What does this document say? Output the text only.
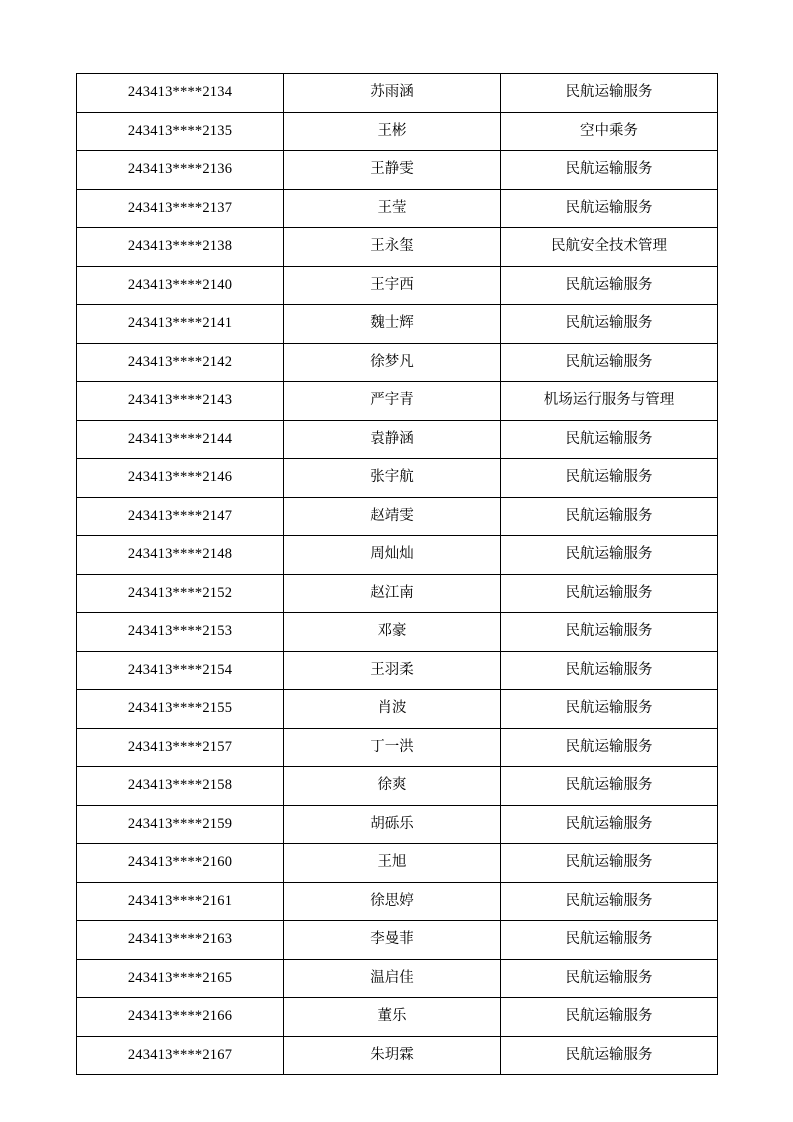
243413****2134	苏雨涵	民航运输服务
243413****2135	王彬	空中乘务
243413****2136	王静雯	民航运输服务
243413****2137	王莹	民航运输服务
243413****2138	王永玺	民航安全技术管理
243413****2140	王宇西	民航运输服务
243413****2141	魏士辉	民航运输服务
243413****2142	徐梦凡	民航运输服务
243413****2143	严宇青	机场运行服务与管理
243413****2144	袁静涵	民航运输服务
243413****2146	张宇航	民航运输服务
243413****2147	赵靖雯	民航运输服务
243413****2148	周灿灿	民航运输服务
243413****2152	赵江南	民航运输服务
243413****2153	邓豪	民航运输服务
243413****2154	王羽柔	民航运输服务
243413****2155	肖波	民航运输服务
243413****2157	丁一洪	民航运输服务
243413****2158	徐爽	民航运输服务
243413****2159	胡砾乐	民航运输服务
243413****2160	王旭	民航运输服务
243413****2161	徐思婷	民航运输服务
243413****2163	李曼菲	民航运输服务
243413****2165	温启佳	民航运输服务
243413****2166	董乐	民航运输服务
243413****2167	朱玥霖	民航运输服务
